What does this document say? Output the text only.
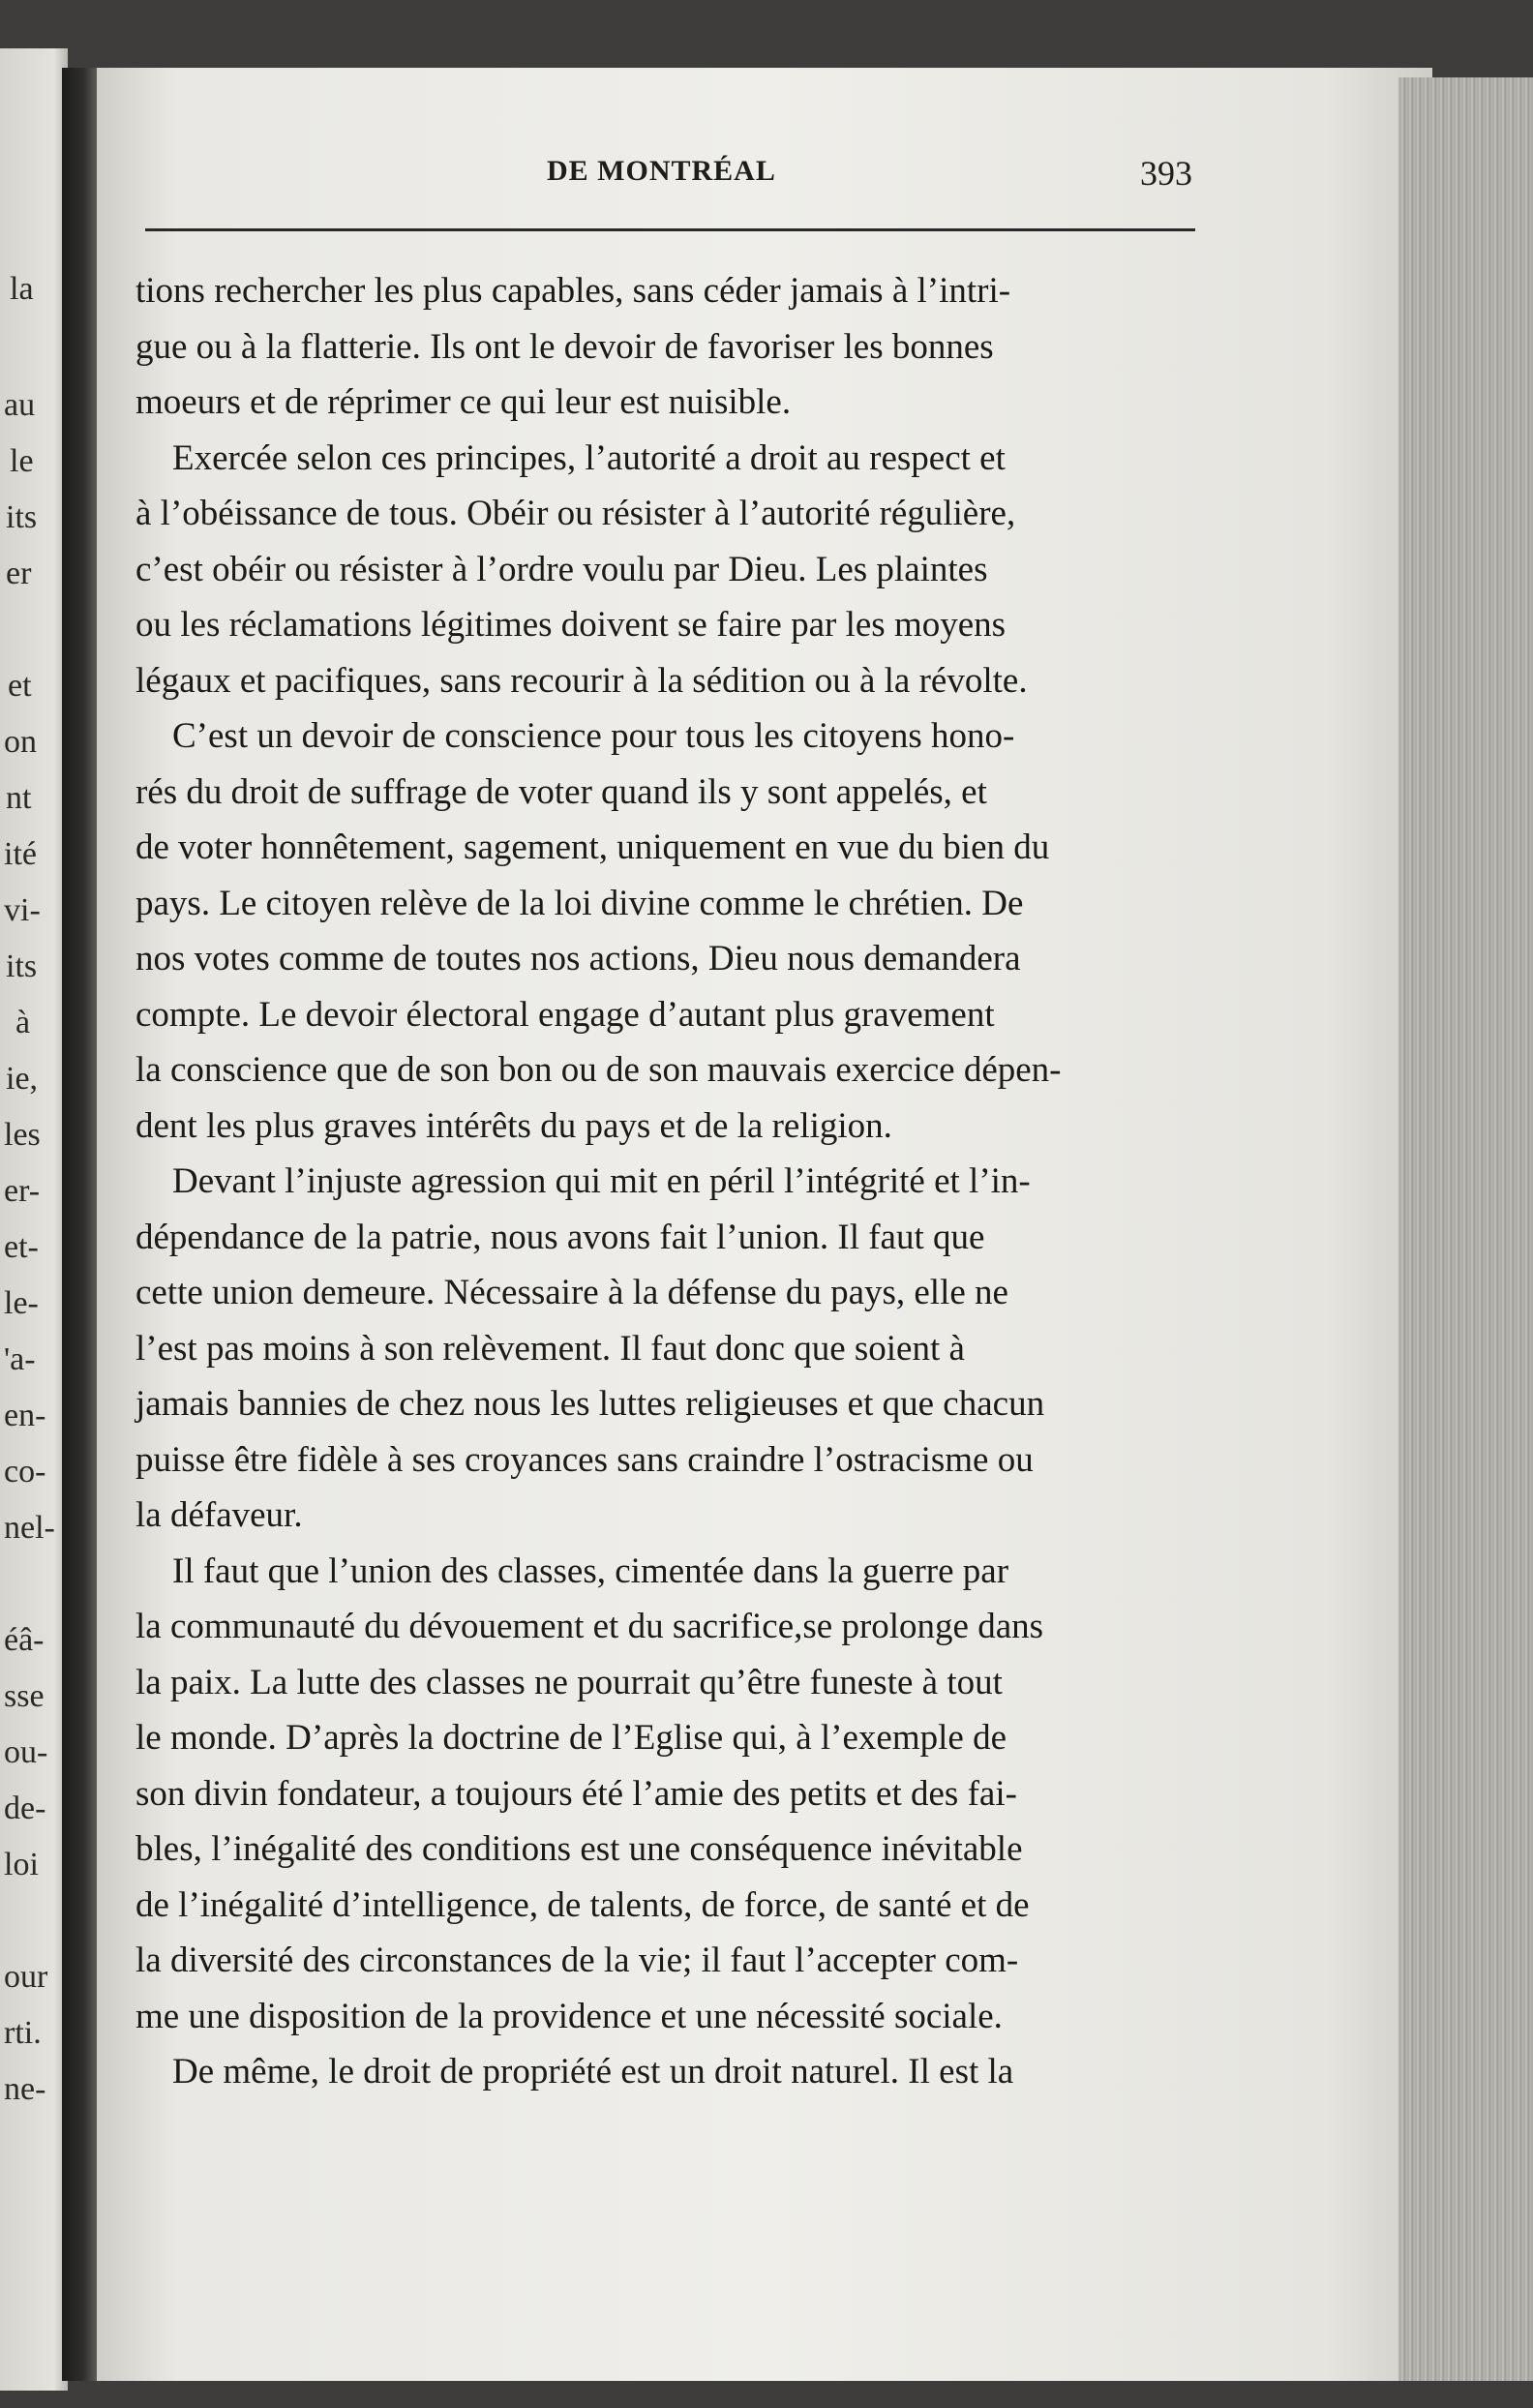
la
au
le
its
er
et
on
nt
ité
vi-
its
à
ie,
les
er-
et-
le-
'a-
en-
co-
nel-
éâ-
sse
ou-
de-
loi
our
rti.
ne-
DE MONTRÉAL	393
tions rechercher les plus capables, sans céder jamais à l’intri-
gue ou à la flatterie. Ils ont le devoir de favoriser les bonnes
moeurs et de réprimer ce qui leur est nuisible.
Exercée selon ces principes, l’autorité a droit au respect et
à l’obéissance de tous. Obéir ou résister à l’autorité régulière,
c’est obéir ou résister à l’ordre voulu par Dieu. Les plaintes
ou les réclamations légitimes doivent se faire par les moyens
légaux et pacifiques, sans recourir à la sédition ou à la révolte.
C’est un devoir de conscience pour tous les citoyens hono-
rés du droit de suffrage de voter quand ils y sont appelés, et
de voter honnêtement, sagement, uniquement en vue du bien du
pays. Le citoyen relève de la loi divine comme le chrétien. De
nos votes comme de toutes nos actions, Dieu nous demandera
compte. Le devoir électoral engage d’autant plus gravement
la conscience que de son bon ou de son mauvais exercice dépen-
dent les plus graves intérêts du pays et de la religion.
Devant l’injuste agression qui mit en péril l’intégrité et l’in-
dépendance de la patrie, nous avons fait l’union. Il faut que
cette union demeure. Nécessaire à la défense du pays, elle ne
l’est pas moins à son relèvement. Il faut donc que soient à
jamais bannies de chez nous les luttes religieuses et que chacun
puisse être fidèle à ses croyances sans craindre l’ostracisme ou
la défaveur.
Il faut que l’union des classes, cimentée dans la guerre par
la communauté du dévouement et du sacrifice,se prolonge dans
la paix. La lutte des classes ne pourrait qu’être funeste à tout
le monde. D’après la doctrine de l’Eglise qui, à l’exemple de
son divin fondateur, a toujours été l’amie des petits et des fai-
bles, l’inégalité des conditions est une conséquence inévitable
de l’inégalité d’intelligence, de talents, de force, de santé et de
la diversité des circonstances de la vie; il faut l’accepter com-
me une disposition de la providence et une nécessité sociale.
De même, le droit de propriété est un droit naturel. Il est la
